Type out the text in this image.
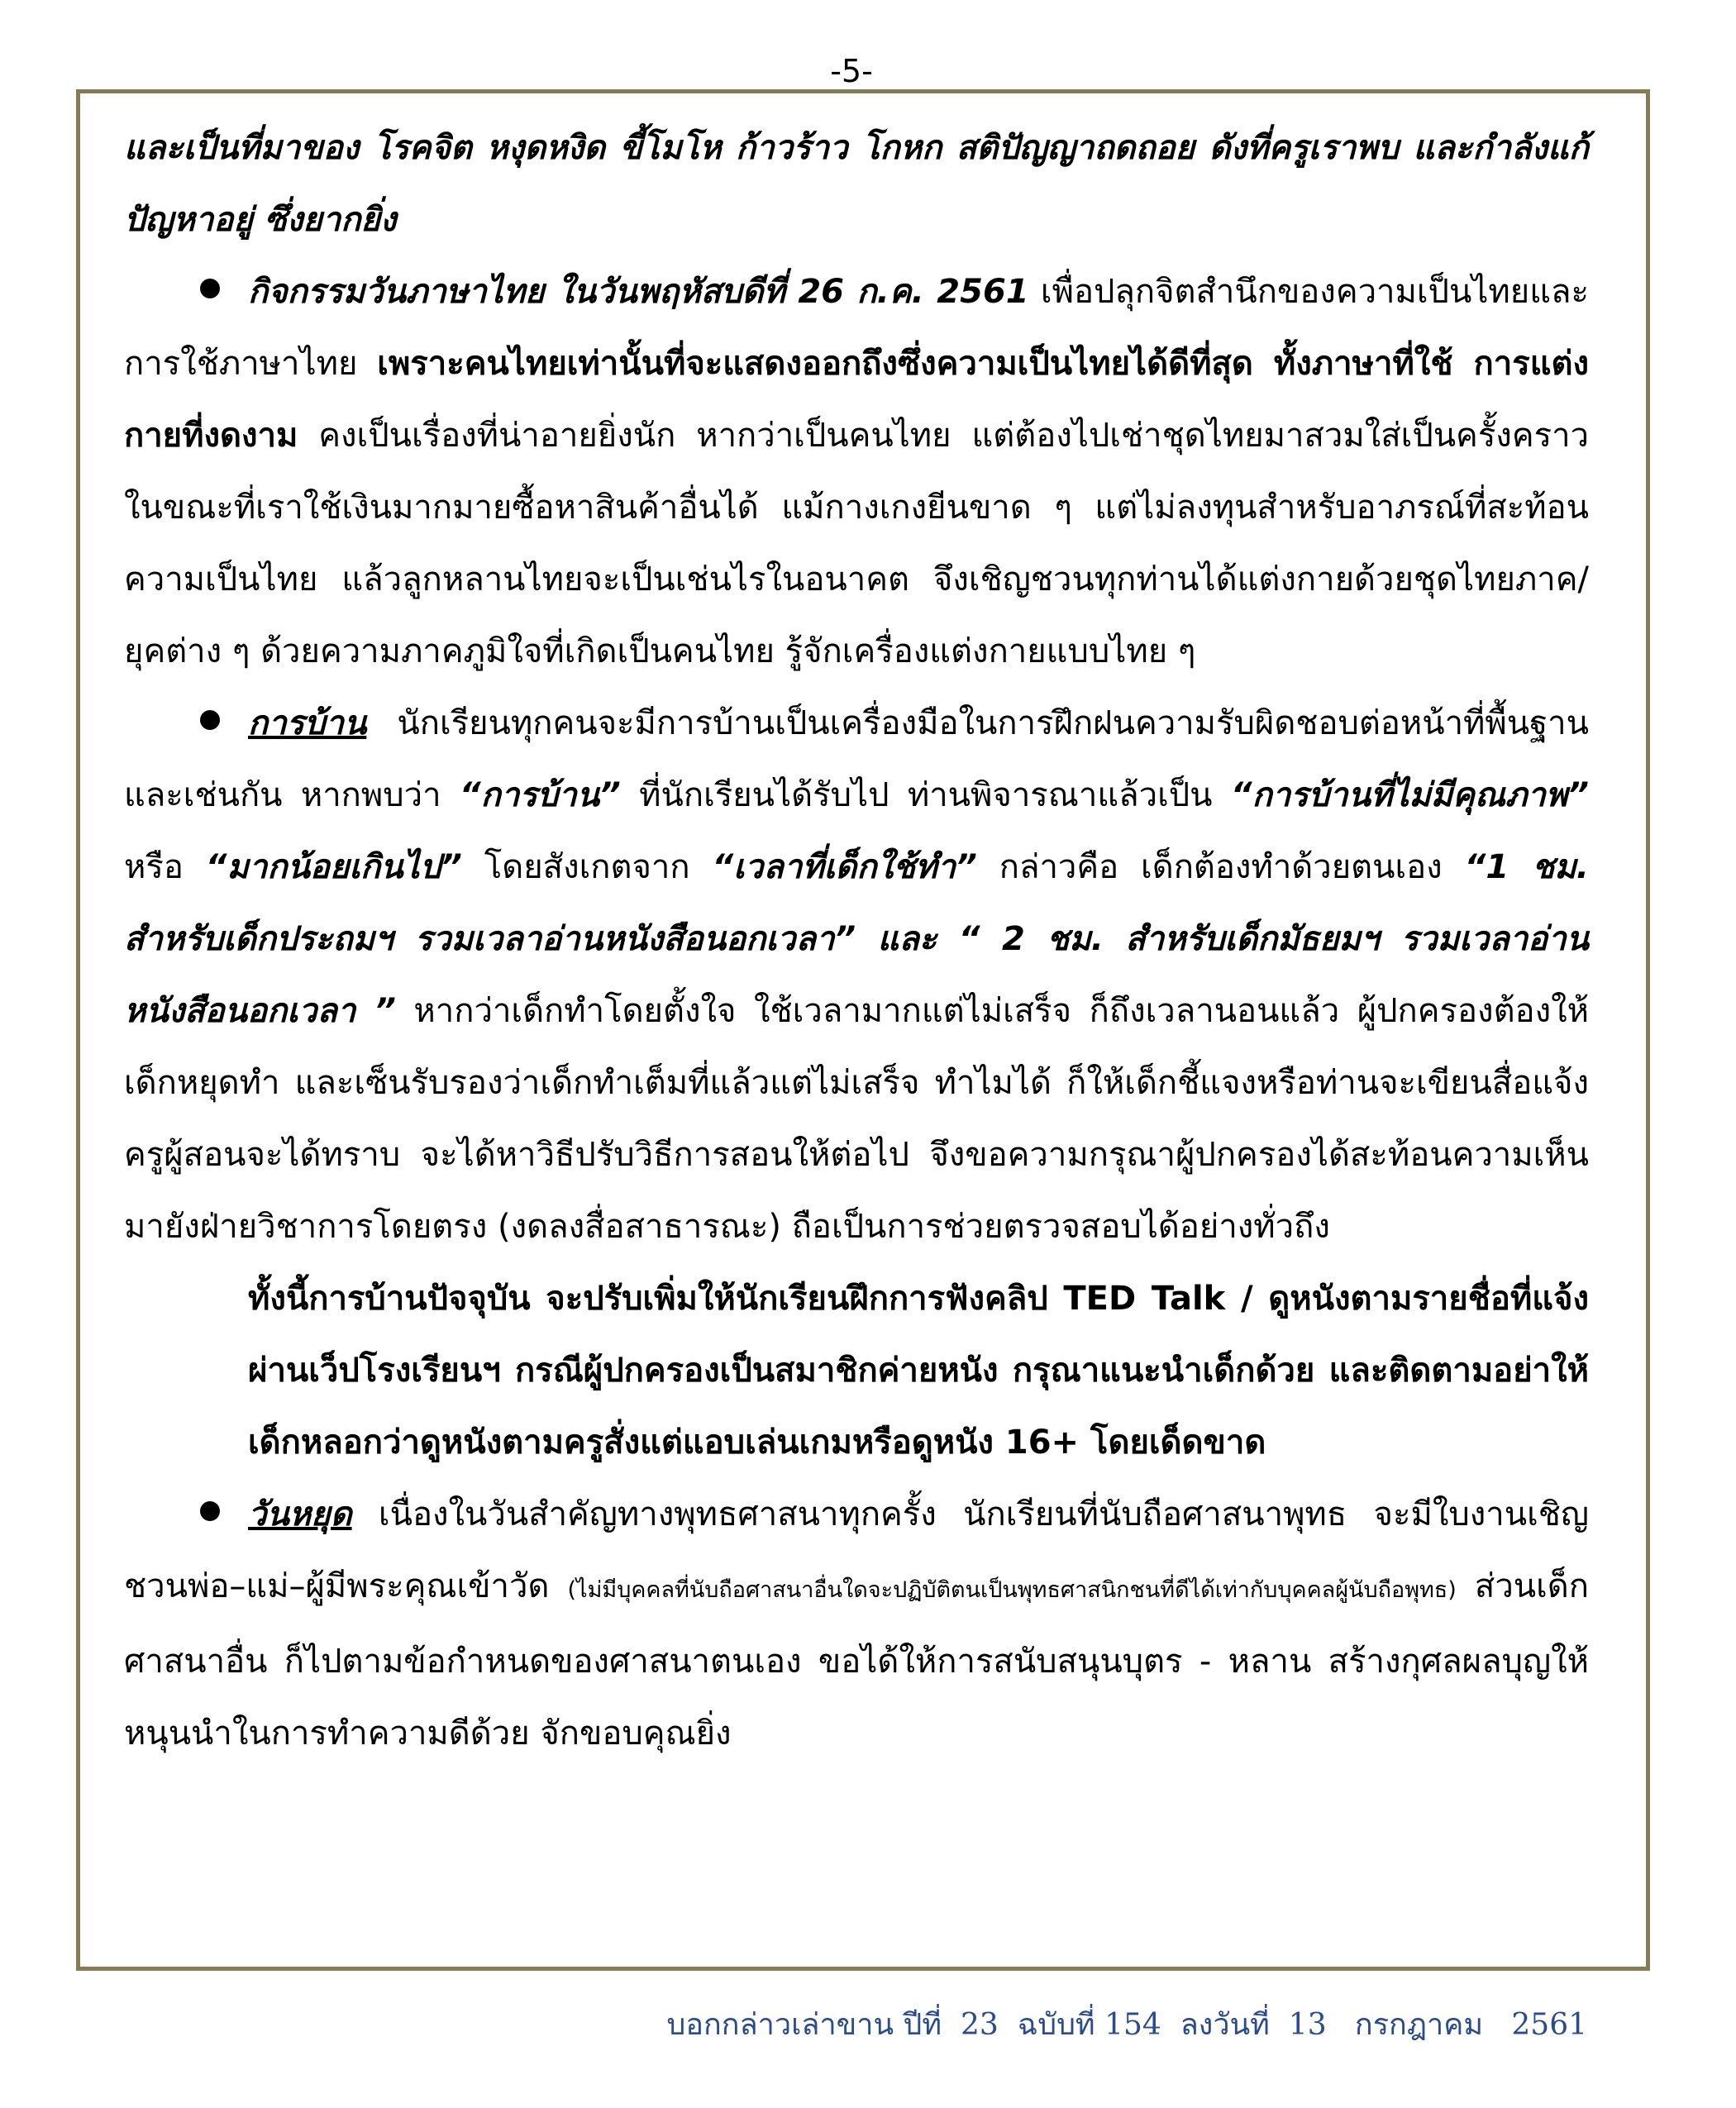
-5-

และเป็นที่มาของ โรคจิต หงุดหงิด ขี้โมโห ก้าวร้าว โกหก สติปัญญาถดถอย ดังที่ครูเราพบ และกำลังแก้ปัญหาอยู่ ซึ่งยากยิ่ง

กิจกรรมวันภาษาไทย ในวันพฤหัสบดีที่ 26 ก.ค. 2561 เพื่อปลุกจิตสำนึกของความเป็นไทยและการใช้ภาษาไทย เพราะคนไทยเท่านั้นที่จะแสดงออกถึงซึ่งความเป็นไทยได้ดีที่สุด ทั้งภาษาที่ใช้ การแต่งกายที่งดงาม คงเป็นเรื่องที่น่าอายยิ่งนัก หากว่าเป็นคนไทย แต่ต้องไปเช่าชุดไทยมาสวมใส่เป็นครั้งคราว ในขณะที่เราใช้เงินมากมายซื้อหาสินค้าอื่นได้ แม้กางเกงยีนขาด ๆ แต่ไม่ลงทุนสำหรับอาภรณ์ที่สะท้อนความเป็นไทย แล้วลูกหลานไทยจะเป็นเช่นไรในอนาคต จึงเชิญชวนทุกท่านได้แต่งกายด้วยชุดไทยภาค/ยุคต่าง ๆ ด้วยความภาคภูมิใจที่เกิดเป็นคนไทย รู้จักเครื่องแต่งกายแบบไทย ๆ

การบ้าน นักเรียนทุกคนจะมีการบ้านเป็นเครื่องมือในการฝึกฝนความรับผิดชอบต่อหน้าที่พื้นฐาน และเช่นกัน หากพบว่า “การบ้าน” ที่นักเรียนได้รับไป ท่านพิจารณาแล้วเป็น “การบ้านที่ไม่มีคุณภาพ” หรือ “มากน้อยเกินไป” โดยสังเกตจาก “เวลาที่เด็กใช้ทำ” กล่าวคือ เด็กต้องทำด้วยตนเอง “1 ชม. สำหรับเด็กประถมฯ รวมเวลาอ่านหนังสือนอกเวลา” และ “ 2 ชม. สำหรับเด็กมัธยมฯ รวมเวลาอ่านหนังสือนอกเวลา ” หากว่าเด็กทำโดยตั้งใจ ใช้เวลามากแต่ไม่เสร็จ ก็ถึงเวลานอนแล้ว ผู้ปกครองต้องให้เด็กหยุดทำ และเซ็นรับรองว่าเด็กทำเต็มที่แล้วแต่ไม่เสร็จ ทำไมได้ ก็ให้เด็กชี้แจงหรือท่านจะเขียนสื่อแจ้ง ครูผู้สอนจะได้ทราบ จะได้หาวิธีปรับวิธีการสอนให้ต่อไป จึงขอความกรุณาผู้ปกครองได้สะท้อนความเห็นมายังฝ่ายวิชาการโดยตรง (งดลงสื่อสาธารณะ) ถือเป็นการช่วยตรวจสอบได้อย่างทั่วถึง

ทั้งนี้การบ้านปัจจุบัน จะปรับเพิ่มให้นักเรียนฝึกการฟังคลิป TED Talk / ดูหนังตามรายชื่อที่แจ้งผ่านเว็ปโรงเรียนฯ กรณีผู้ปกครองเป็นสมาชิกค่ายหนัง กรุณาแนะนำเด็กด้วย และติดตามอย่าให้เด็กหลอกว่าดูหนังตามครูสั่งแต่แอบเล่นเกมหรือดูหนัง 16+ โดยเด็ดขาด

วันหยุด เนื่องในวันสำคัญทางพุทธศาสนาทุกครั้ง นักเรียนที่นับถือศาสนาพุทธ จะมีใบงานเชิญชวนพ่อ–แม่–ผู้มีพระคุณเข้าวัด (ไม่มีบุคคลที่นับถือศาสนาอื่นใดจะปฏิบัติตนเป็นพุทธศาสนิกชนที่ดีได้เท่ากับบุคคลผู้นับถือพุทธ) ส่วนเด็กศาสนาอื่น ก็ไปตามข้อกำหนดของศาสนาตนเอง ขอได้ให้การสนับสนุนบุตร - หลาน สร้างกุศลผลบุญให้หนุนนำในการทำความดีด้วย จักขอบคุณยิ่ง

บอกกล่าวเล่าขาน ปีที่  23  ฉบับที่ 154  ลงวันที่  13   กรกฎาคม   2561
